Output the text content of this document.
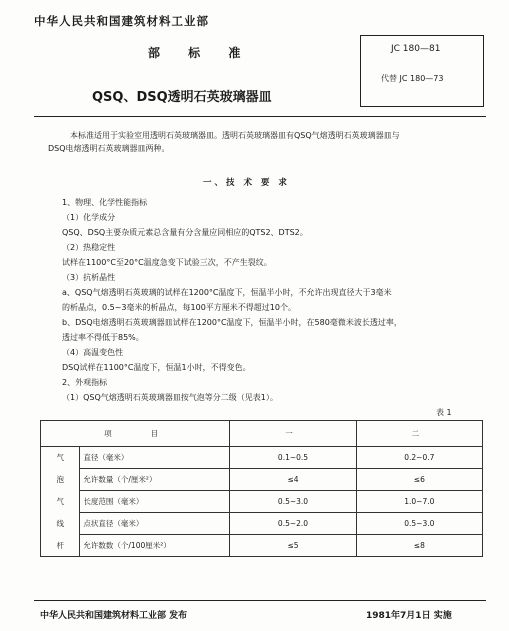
中华人民共和国建筑材料工业部
部 标 准
QSQ、DSQ透明石英玻璃器皿
JC 180—81
代替 JC 180—73
本标准适用于实验室用透明石英玻璃器皿。透明石英玻璃器皿有QSQ气熔透明石英玻璃器皿与
DSQ电熔透明石英玻璃器皿两种。
一、技 术 要 求
1、物理、化学性能指标
（1）化学成分
QSQ、DSQ主要杂质元素总含量有分含量应同相应的QTS2、DTS2。
（2）热稳定性
试样在1100°C至20°C温度急变下试验三次，不产生裂纹。
（3）抗析晶性
a、QSQ气熔透明石英玻璃的试样在1200°C温度下，恒温半小时，不允许出现直径大于3毫米
的析晶点，0.5~3毫米的析晶点，每100平方厘米不得超过10个。
b、DSQ电熔透明石英玻璃器皿试样在1200°C温度下，恒温半小时，在580毫微米波长透过率，
透过率不得低于85%。
（4）高温变色性
DSQ试样在1100°C温度下，恒温1小时，不得变色。
2、外观指标
（1）QSQ气熔透明石英玻璃器皿按气泡等分二级（见表1）。
表 1
项　　目		一	二
气	直径（毫米）	0.1~0.5	0.2~0.7
泡	允许数量（个/厘米²）	≤4	≤6
气	长度范围（毫米）	0.5~3.0	1.0~7.0
线	点状直径（毫米）	0.5~2.0	0.5~3.0
杆	允许数数（个/100厘米²）	≤5	≤8
中华人民共和国建筑材料工业部 发布	1981年7月1日 实施
